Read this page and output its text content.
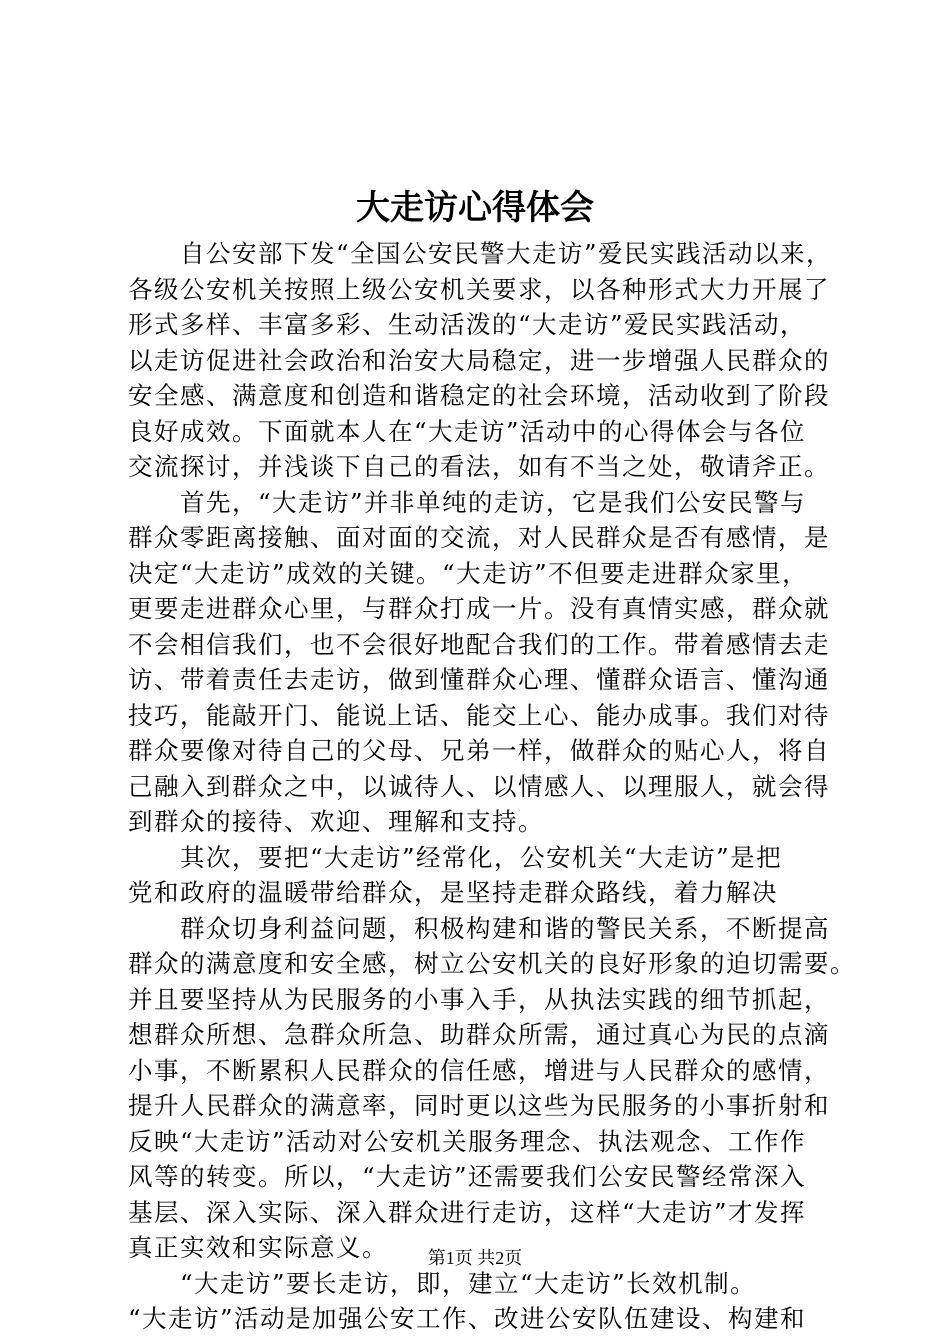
大走访心得体会

　　自公安部下发“全国公安民警大走访”爱民实践活动以来，

各级公安机关按照上级公安机关要求，以各种形式大力开展了

形式多样、丰富多彩、生动活泼的“大走访”爱民实践活动，

以走访促进社会政治和治安大局稳定，进一步增强人民群众的

安全感、满意度和创造和谐稳定的社会环境，活动收到了阶段

良好成效。下面就本人在“大走访”活动中的心得体会与各位

交流探讨，并浅谈下自己的看法，如有不当之处，敬请斧正。

　　首先，“大走访”并非单纯的走访，它是我们公安民警与

群众零距离接触、面对面的交流，对人民群众是否有感情，是

决定“大走访”成效的关键。“大走访”不但要走进群众家里，

更要走进群众心里，与群众打成一片。没有真情实感，群众就

不会相信我们，也不会很好地配合我们的工作。带着感情去走

访、带着责任去走访，做到懂群众心理、懂群众语言、懂沟通

技巧，能敲开门、能说上话、能交上心、能办成事。我们对待

群众要像对待自己的父母、兄弟一样，做群众的贴心人，将自

己融入到群众之中，以诚待人、以情感人、以理服人，就会得

到群众的接待、欢迎、理解和支持。

　　其次，要把“大走访”经常化，公安机关“大走访”是把

党和政府的温暖带给群众，是坚持走群众路线，着力解决

　　群众切身利益问题，积极构建和谐的警民关系，不断提高

群众的满意度和安全感，树立公安机关的良好形象的迫切需要。

并且要坚持从为民服务的小事入手，从执法实践的细节抓起，

想群众所想、急群众所急、助群众所需，通过真心为民的点滴

小事，不断累积人民群众的信任感，增进与人民群众的感情，

提升人民群众的满意率，同时更以这些为民服务的小事折射和

反映“大走访”活动对公安机关服务理念、执法观念、工作作

风等的转变。所以，“大走访”还需要我们公安民警经常深入

基层、深入实际、深入群众进行走访，这样“大走访”才发挥

真正实效和实际意义。

　　“大走访”要长走访，即，建立“大走访”长效机制。

“大走访”活动是加强公安工作、改进公安队伍建设、构建和

第1页 共2页
